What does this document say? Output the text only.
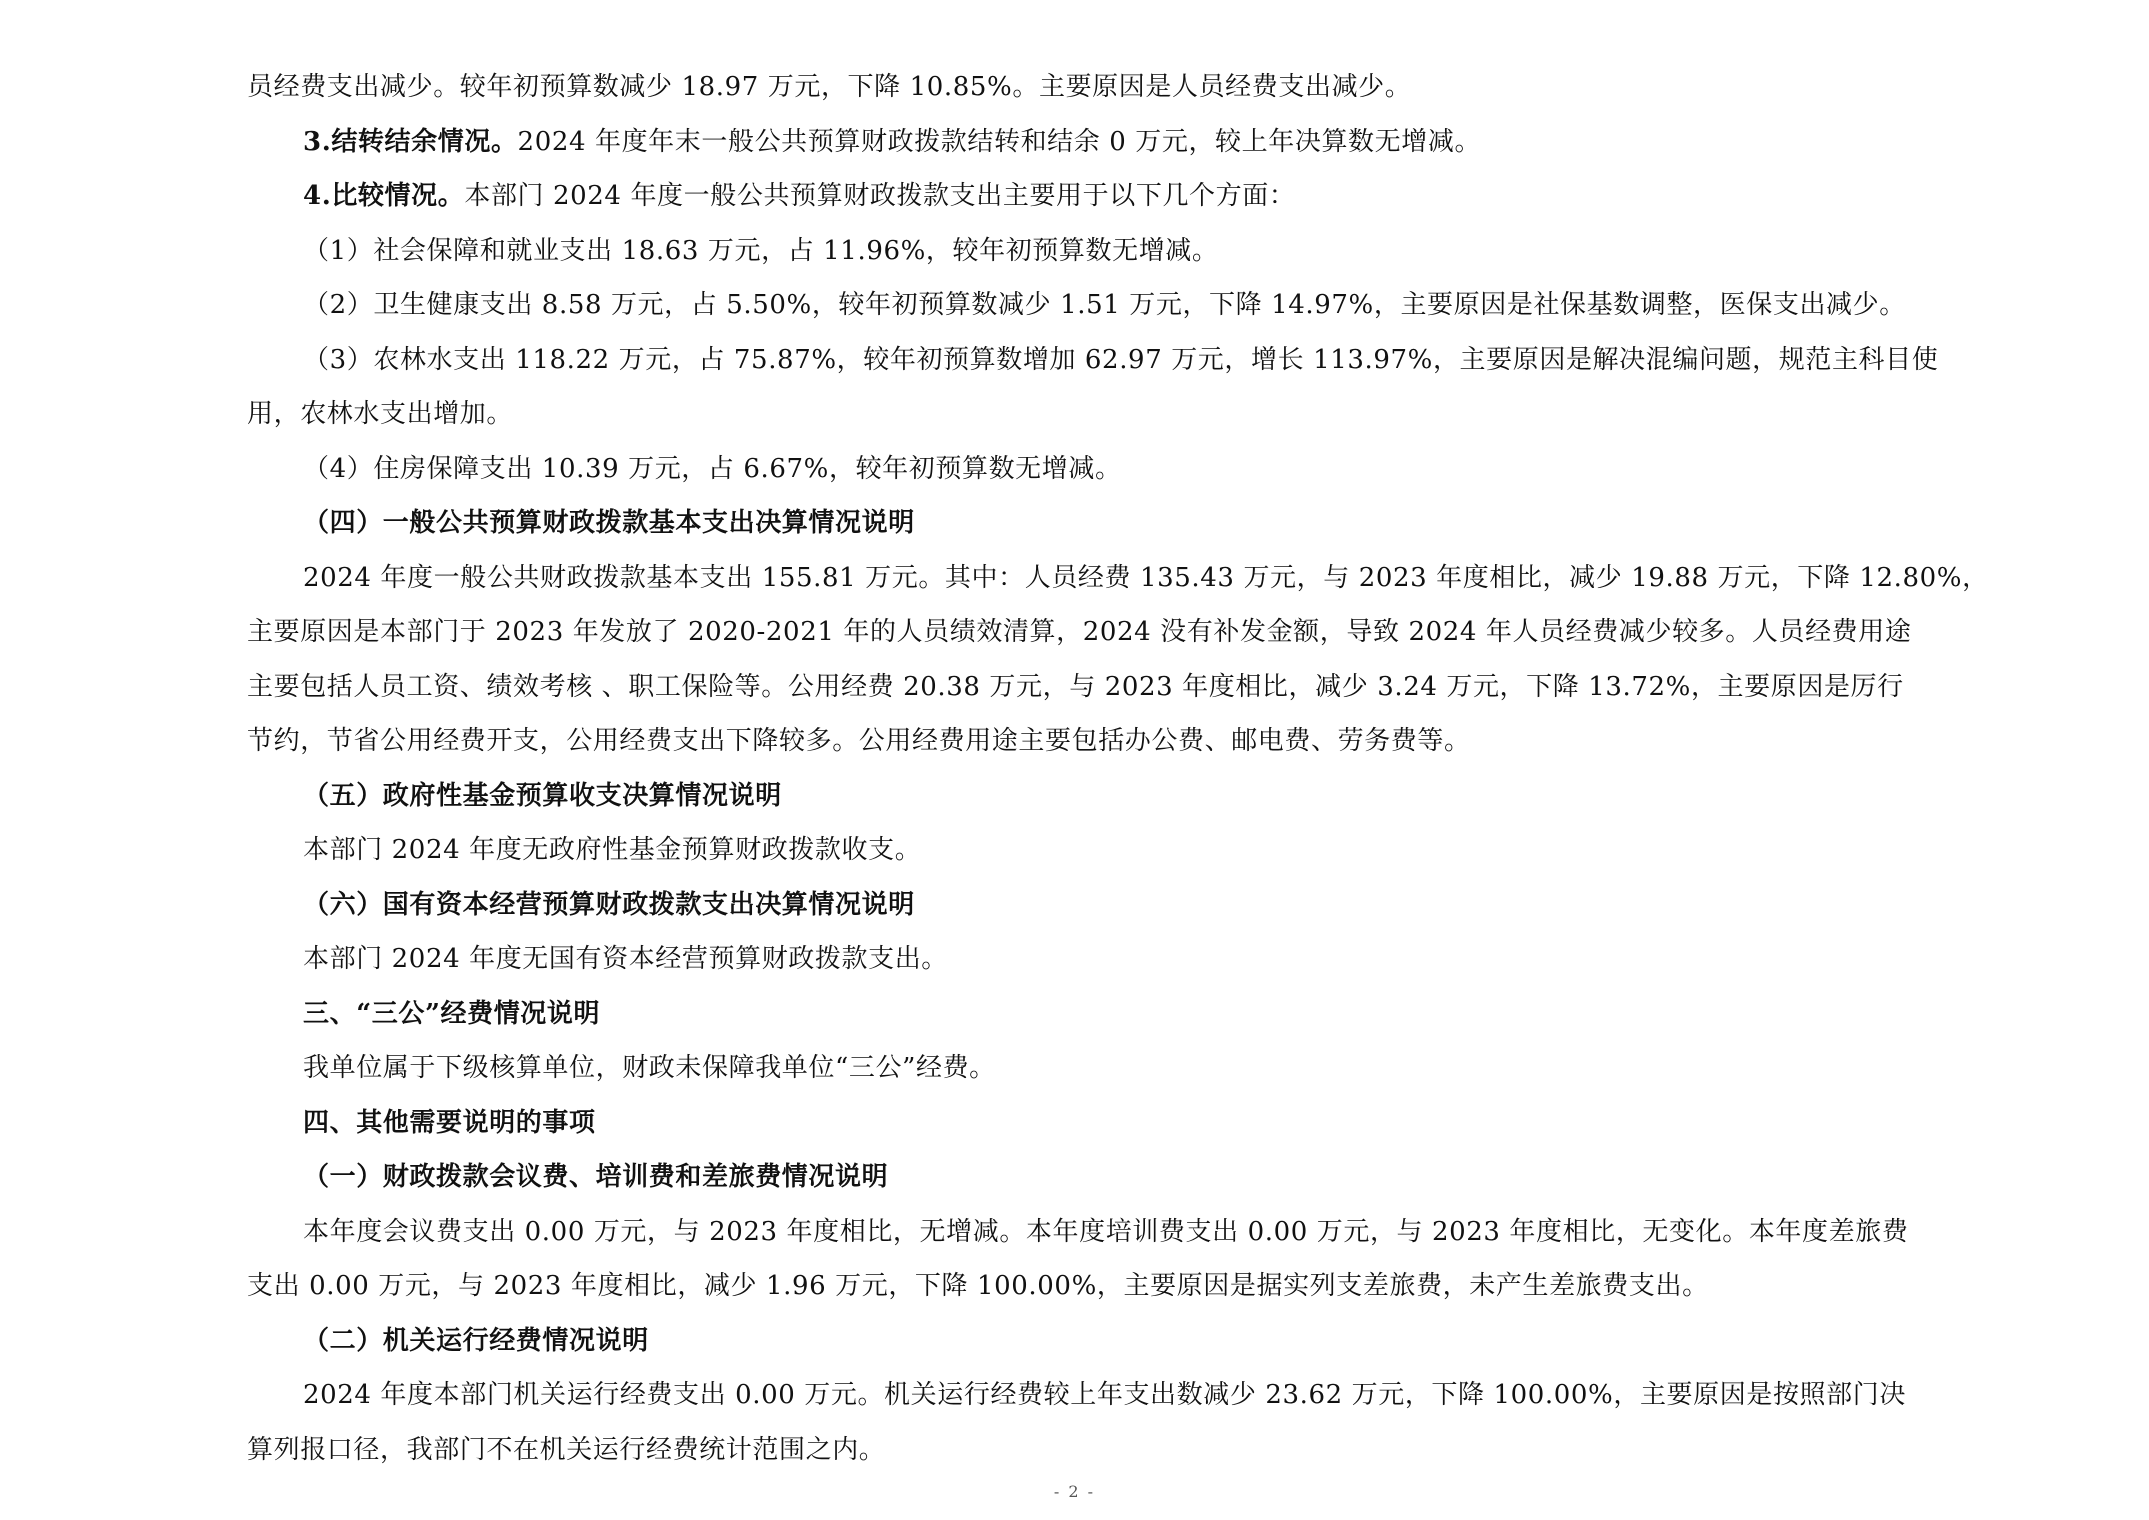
员经费支出减少。较年初预算数减少 18.97 万元，下降 10.85%。主要原因是人员经费支出减少。
3.结转结余情况。2024 年度年末一般公共预算财政拨款结转和结余 0 万元，较上年决算数无增减。
4.比较情况。本部门 2024 年度一般公共预算财政拨款支出主要用于以下几个方面：
（1）社会保障和就业支出 18.63 万元，占 11.96%，较年初预算数无增减。
（2）卫生健康支出 8.58 万元，占 5.50%，较年初预算数减少 1.51 万元，下降 14.97%，主要原因是社保基数调整，医保支出减少。
（3）农林水支出 118.22 万元，占 75.87%，较年初预算数增加 62.97 万元，增长 113.97%，主要原因是解决混编问题，规范主科目使
用，农林水支出增加。
（4）住房保障支出 10.39 万元，占 6.67%，较年初预算数无增减。
（四）一般公共预算财政拨款基本支出决算情况说明
2024 年度一般公共财政拨款基本支出 155.81 万元。其中：人员经费 135.43 万元，与 2023 年度相比，减少 19.88 万元，下降 12.80%，
主要原因是本部门于 2023 年发放了 2020-2021 年的人员绩效清算，2024 没有补发金额，导致 2024 年人员经费减少较多。人员经费用途
主要包括人员工资、绩效考核 、职工保险等。公用经费 20.38 万元，与 2023 年度相比，减少 3.24 万元，下降 13.72%，主要原因是厉行
节约，节省公用经费开支，公用经费支出下降较多。公用经费用途主要包括办公费、邮电费、劳务费等。
（五）政府性基金预算收支决算情况说明
本部门 2024 年度无政府性基金预算财政拨款收支。
（六）国有资本经营预算财政拨款支出决算情况说明
本部门 2024 年度无国有资本经营预算财政拨款支出。
三、“三公”经费情况说明
我单位属于下级核算单位，财政未保障我单位“三公”经费。
四、其他需要说明的事项
（一）财政拨款会议费、培训费和差旅费情况说明
本年度会议费支出 0.00 万元，与 2023 年度相比，无增减。本年度培训费支出 0.00 万元，与 2023 年度相比，无变化。本年度差旅费
支出 0.00 万元，与 2023 年度相比，减少 1.96 万元，下降 100.00%，主要原因是据实列支差旅费，未产生差旅费支出。
（二）机关运行经费情况说明
2024 年度本部门机关运行经费支出 0.00 万元。机关运行经费较上年支出数减少 23.62 万元，下降 100.00%，主要原因是按照部门决
算列报口径，我部门不在机关运行经费统计范围之内。
- 2 -
